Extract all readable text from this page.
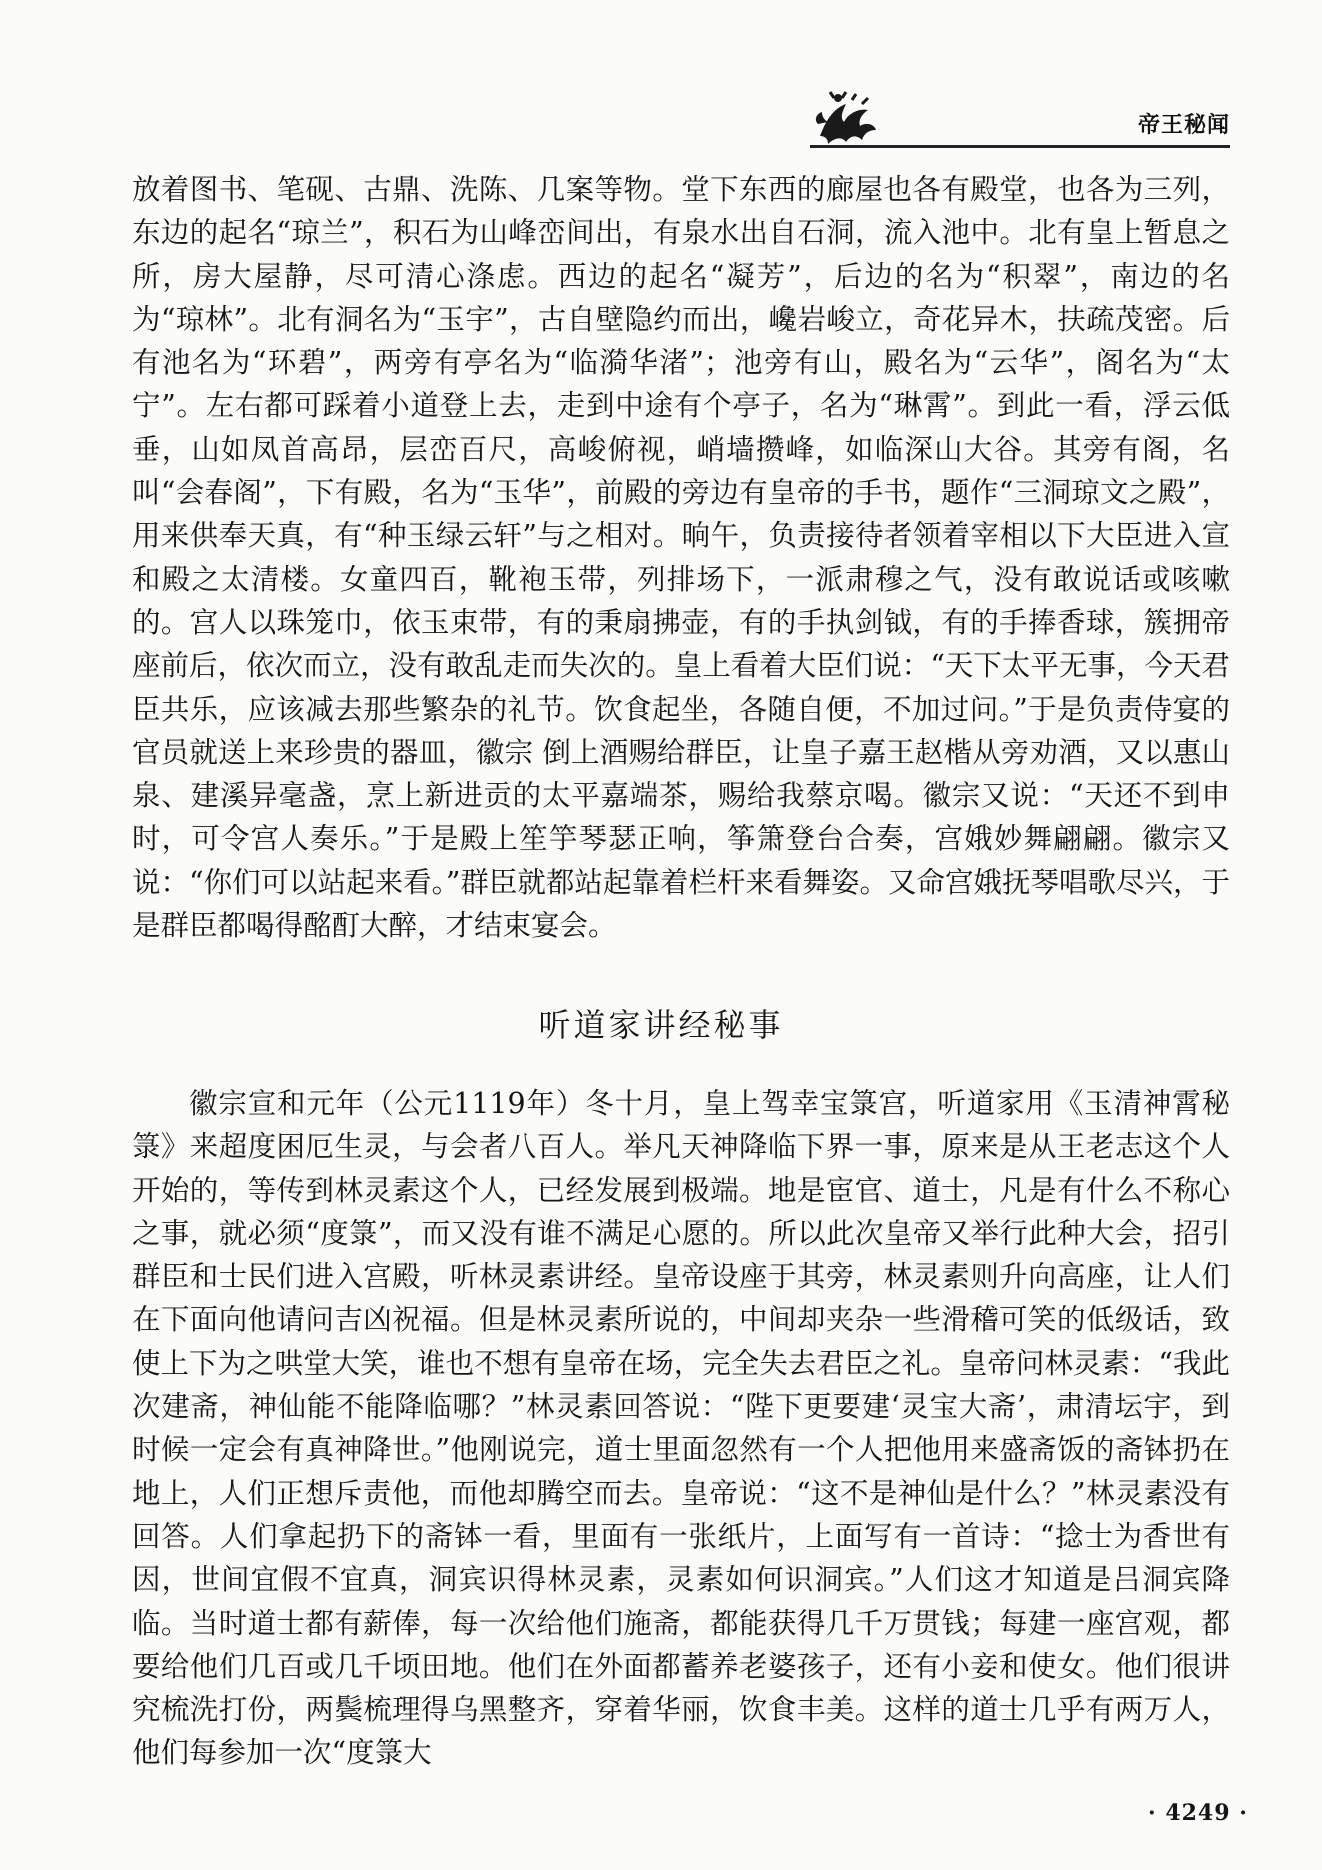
帝王秘闻

放着图书、笔砚、古鼎、洗陈、几案等物。堂下东西的廊屋也各有殿堂，也各为三列，东边的起名“琼兰”，积石为山峰峦间出，有泉水出自石洞，流入池中。北有皇上暂息之所，房大屋静，尽可清心涤虑。西边的起名“凝芳”，后边的名为“积翠”，南边的名为“琼林”。北有洞名为“玉宇”，古自壁隐约而出，巉岩峻立，奇花异木，扶疏茂密。后有池名为“环碧”，两旁有亭名为“临漪华渚”；池旁有山，殿名为“云华”，阁名为“太宁”。左右都可踩着小道登上去，走到中途有个亭子，名为“琳霄”。到此一看，浮云低垂，山如凤首高昂，层峦百尺，高峻俯视，峭墙攒峰，如临深山大谷。其旁有阁，名叫“会春阁”，下有殿，名为“玉华”，前殿的旁边有皇帝的手书，题作“三洞琼文之殿”，用来供奉天真，有“种玉绿云轩”与之相对。晌午，负责接待者领着宰相以下大臣进入宣和殿之太清楼。女童四百，靴袍玉带，列排场下，一派肃穆之气，没有敢说话或咳嗽的。宫人以珠笼巾，依玉束带，有的秉扇拂壶，有的手执剑钺，有的手捧香球，簇拥帝座前后，依次而立，没有敢乱走而失次的。皇上看着大臣们说：“天下太平无事，今天君臣共乐，应该减去那些繁杂的礼节。饮食起坐，各随自便，不加过问。”于是负责侍宴的官员就送上来珍贵的器皿，徽宗 倒上酒赐给群臣，让皇子嘉王赵楷从旁劝酒，又以惠山泉、建溪异毫盏，烹上新进贡的太平嘉端茶，赐给我蔡京喝。徽宗又说：“天还不到申时，可令宫人奏乐。”于是殿上笙竽琴瑟正响，筝箫登台合奏，宫娥妙舞翩翩。徽宗又说：“你们可以站起来看。”群臣就都站起靠着栏杆来看舞姿。又命宫娥抚琴唱歌尽兴，于是群臣都喝得酩酊大醉，才结束宴会。

听道家讲经秘事

徽宗宣和元年（公元1119年）冬十月，皇上驾幸宝箓宫，听道家用《玉清神霄秘箓》来超度困厄生灵，与会者八百人。举凡天神降临下界一事，原来是从王老志这个人开始的，等传到林灵素这个人，已经发展到极端。地是宦官、道士，凡是有什么不称心之事，就必须“度箓”，而又没有谁不满足心愿的。所以此次皇帝又举行此种大会，招引群臣和士民们进入宫殿，听林灵素讲经。皇帝设座于其旁，林灵素则升向高座，让人们在下面向他请问吉凶祝福。但是林灵素所说的，中间却夹杂一些滑稽可笑的低级话，致使上下为之哄堂大笑，谁也不想有皇帝在场，完全失去君臣之礼。皇帝问林灵素：“我此次建斋，神仙能不能降临哪？”林灵素回答说：“陛下更要建‘灵宝大斋’，肃清坛宇，到时候一定会有真神降世。”他刚说完，道士里面忽然有一个人把他用来盛斋饭的斋钵扔在地上，人们正想斥责他，而他却腾空而去。皇帝说：“这不是神仙是什么？”林灵素没有回答。人们拿起扔下的斋钵一看，里面有一张纸片，上面写有一首诗：“捻士为香世有因，世间宜假不宜真，洞宾识得林灵素，灵素如何识洞宾。”人们这才知道是吕洞宾降临。当时道士都有薪俸，每一次给他们施斋，都能获得几千万贯钱；每建一座宫观，都要给他们几百或几千顷田地。他们在外面都蓄养老婆孩子，还有小妾和使女。他们很讲究梳洗打份，两鬓梳理得乌黑整齐，穿着华丽，饮食丰美。这样的道士几乎有两万人，他们每参加一次“度箓大

· 4249 ·
